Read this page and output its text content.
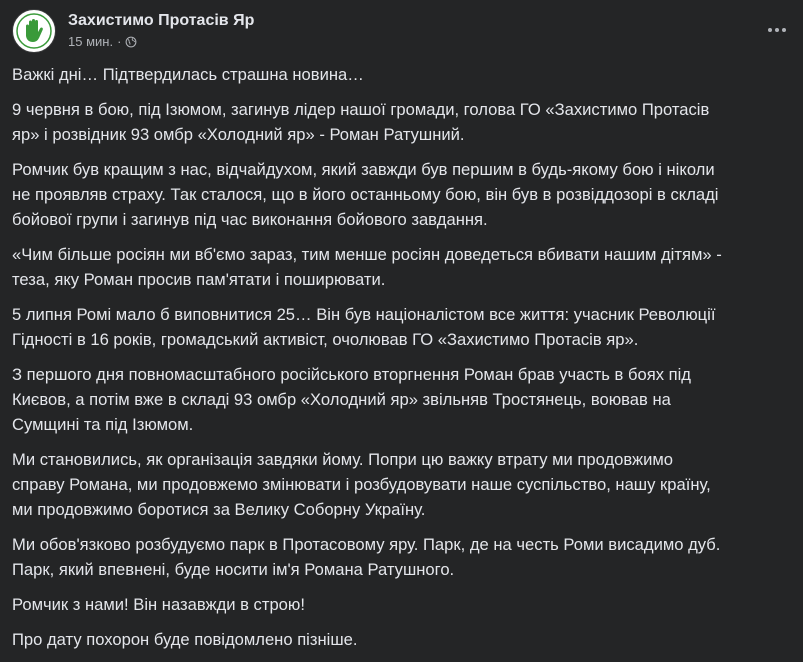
Захистимо Протасів Яр
15 мин. ·

Важкі дні… Підтвердилась страшна новина…

9 червня в бою, під Ізюмом, загинув лідер нашої громади, голова ГО «Захистимо Протасів
яр» і розвідник 93 омбр «Холодний яр» - Роман Ратушний.

Ромчик був кращим з нас, відчайдухом, який завжди був першим в будь-якому бою і ніколи
не проявляв страху. Так сталося, що в його останньому бою, він був в розвiддозорі в складі
бойової групи і загинув під час виконання бойового завдання.

«Чим більше росіян ми вб'ємо зараз, тим менше росіян доведеться вбивати нашим дітям» -
теза, яку Роман просив пам'ятати і поширювати.

5 липня Ромі мало б виповнитися 25… Він був націоналістом все життя: учасник Революції
Гідності в 16 років, громадський активіст, очолював ГО «Захистимо Протасів яр».

З першого дня повномасштабного російського вторгнення Роман брав участь в боях під
Києвов, а потім вже в складі 93 омбр «Холодний яр» звільняв Тростянець, воював на
Сумщині та під Ізюмом.

Ми становились, як організація завдяки йому. Попри цю важку втрату ми продовжимо
справу Романа, ми продовжемо змінювати і розбудовувати наше суспільство, нашу країну,
ми продовжимо боротися за Велику Соборну Україну.

Ми обов'язково розбудуємо парк в Протасовому яру. Парк, де на честь Роми висадимо дуб.
Парк, який впевнені, буде носити ім'я Романа Ратушного.

Ромчик з нами! Він назавжди в строю!

Про дату похорон буде повідомлено пізніше.
